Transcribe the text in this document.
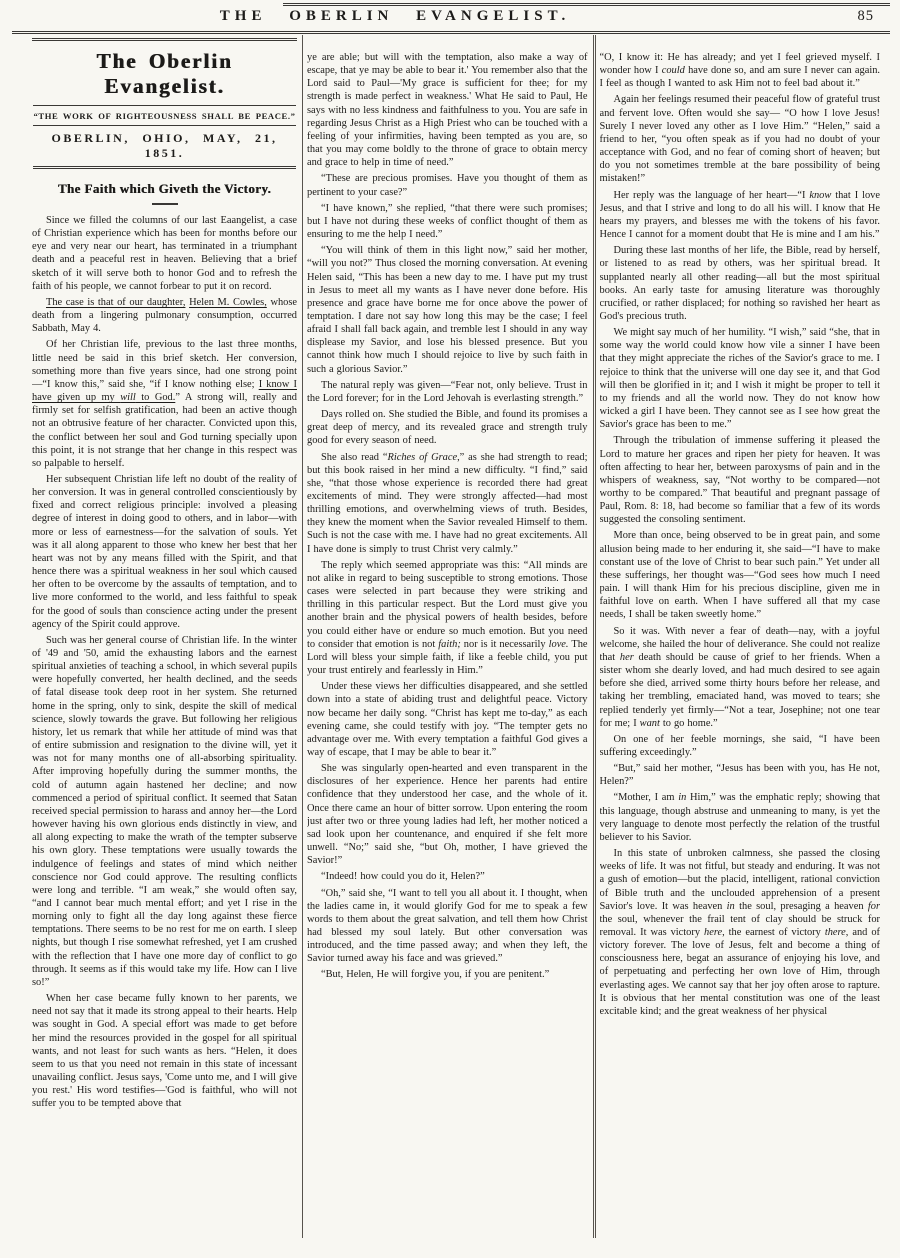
THE OBERLIN EVANGELIST.	85
The Oberlin Evangelist.
“THE WORK OF RIGHTEOUSNESS SHALL BE PEACE.”
OBERLIN, OHIO, MAY, 21, 1851.
The Faith which Giveth the Victory.

Since we filled the columns of our last Eaangelist, a case of Christian experience which has been for months before our eye and very near our heart, has terminated in a triumphant death and a peaceful rest in heaven. Believing that a brief sketch of it will serve both to honor God and to refresh the faith of his people, we cannot forbear to put it on record.

The case is that of our daughter, Helen M. Cowles, whose death from a lingering pulmonary consumption, occurred Sabbath, May 4.

Of her Christian life, previous to the last three months, little need be said in this brief sketch. Her conversion, something more than five years since, had one strong point—“I know this,” said she, “if I know nothing else; I know I have given up my will to God.” A strong will, really and firmly set for selfish gratification, had been an active though not an obtrusive feature of her character. Convicted upon this, the conflict between her soul and God turning specially upon this point, it is not strange that her change in this respect was so palpable to herself.

Her subsequent Christian life left no doubt of the reality of her conversion. It was in general controlled conscientiously by fixed and correct religious principle: involved a pleasing degree of interest in doing good to others, and in labor—with more or less of earnestness—for the salvation of souls. Yet was it all along apparent to those who knew her best that her heart was not by any means filled with the Spirit, and that hence there was a spiritual weakness in her soul which caused her often to be overcome by the assaults of temptation, and to live more conformed to the world, and less faithful to speak for the good of souls than conscience acting under the present agency of the Spirit could approve.

Such was her general course of Christian life. In the winter of '49 and '50, amid the exhausting labors and the earnest spiritual anxieties of teaching a school, in which several pupils were hopefully converted, her health declined, and the seeds of fatal disease took deep root in her system. She returned home in the spring, only to sink, despite the skill of medical science, slowly towards the grave. But following her religious history, let us remark that while her attitude of mind was that of entire submission and resignation to the divine will, yet it was not for many months one of all-absorbing spirituality. After improving hopefully during the summer months, the cold of autumn again hastened her decline; and now commenced a period of spiritual conflict. It seemed that Satan received special permission to harass and annoy her—the Lord however having his own glorious ends distinctly in view, and all along expecting to make the wrath of the tempter subserve his own glory. These temptations were usually towards the indulgence of feelings and states of mind which neither conscience nor God could approve. The resulting conflicts were long and terrible. “I am weak,” she would often say, “and I cannot bear much mental effort; and yet I rise in the morning only to fight all the day long against these fierce temptations. There seems to be no rest for me on earth. I sleep nights, but though I rise somewhat refreshed, yet I am crushed with the reflection that I have one more day of conflict to go through. It seems as if this would take my life. How can I live so!”

When her case became fully known to her parents, we need not say that it made its strong appeal to their hearts. Help was sought in God. A special effort was made to get before her mind the resources provided in the gospel for all spiritual wants, and not least for such wants as hers. “Helen, it does seem to us that you need not remain in this state of incessant unavailing conflict. Jesus says, 'Come unto me, and I will give you rest.' His word testifies—'God is faithful, who will not suffer you to be tempted above that

ye are able; but will with the temptation, also make a way of escape, that ye may be able to bear it.' You remember also that the Lord said to Paul—'My grace is sufficient for thee; for my strength is made perfect in weakness.' What He said to Paul, He says with no less kindness and faithfulness to you. You are safe in regarding Jesus Christ as a High Priest who can be touched with a feeling of your infirmities, having been tempted as you are, so that you may come boldly to the throne of grace to obtain mercy and grace to help in time of need.”

“These are precious promises. Have you thought of them as pertinent to your case?”

“I have known,” she replied, “that there were such promises; but I have not during these weeks of conflict thought of them as ensuring to me the help I need.”

“You will think of them in this light now,” said her mother, “will you not?” Thus closed the morning conversation. At evening Helen said, “This has been a new day to me. I have put my trust in Jesus to meet all my wants as I have never done before. His presence and grace have borne me for once above the power of temptation. I dare not say how long this may be the case; I feel afraid I shall fall back again, and tremble lest I should in any way displease my Savior, and lose his blessed presence. But you cannot think how much I should rejoice to live by such faith in such a glorious Savior.”

The natural reply was given—“Fear not, only believe. Trust in the Lord forever; for in the Lord Jehovah is everlasting strength.”

Days rolled on. She studied the Bible, and found its promises a great deep of mercy, and its revealed grace and strength truly good for every season of need.

She also read “Riches of Grace,” as she had strength to read; but this book raised in her mind a new difficulty. “I find,” said she, “that those whose experience is recorded there had great excitements of mind. They were strongly affected—had most thrilling emotions, and overwhelming views of truth. Besides, they knew the moment when the Savior revealed Himself to them. Such is not the case with me. I have had no great excitements. All I have done is simply to trust Christ very calmly.”

The reply which seemed appropriate was this: “All minds are not alike in regard to being susceptible to strong emotions. Those cases were selected in part because they were striking and thrilling in this particular respect. But the Lord must give you another brain and the physical powers of health besides, before you could either have or endure so much emotion. But you need to consider that emotion is not faith; nor is it necessarily love. The Lord will bless your simple faith, if like a feeble child, you put your trust entirely and fearlessly in Him.”

Under these views her difficulties disappeared, and she settled down into a state of abiding trust and delightful peace. Victory now became her daily song. “Christ has kept me to-day,” as each evening came, she could testify with joy. “The tempter gets no advantage over me. With every temptation a faithful God gives a way of escape, that I may be able to bear it.”

She was singularly open-hearted and even transparent in the disclosures of her experience. Hence her parents had entire confidence that they understood her case, and the whole of it. Once there came an hour of bitter sorrow. Upon entering the room just after two or three young ladies had left, her mother noticed a sad look upon her countenance, and enquired if she felt more unwell. “No;” said she, “but Oh, mother, I have grieved the Savior!”

“Indeed! how could you do it, Helen?”

“Oh,” said she, “I want to tell you all about it. I thought, when the ladies came in, it would glorify God for me to speak a few words to them about the great salvation, and tell them how Christ had blessed my soul lately. But other conversation was introduced, and the time passed away; and when they left, the Savior turned away his face and was grieved.”

“But, Helen, He will forgive you, if you are penitent.”

“O, I know it: He has already; and yet I feel grieved myself. I wonder how I could have done so, and am sure I never can again. I feel as though I wanted to ask Him not to feel bad about it.”

Again her feelings resumed their peaceful flow of grateful trust and fervent love. Often would she say— “O how I love Jesus! Surely I never loved any other as I love Him.” “Helen,” said a friend to her, “you often speak as if you had no doubt of your acceptance with God, and no fear of coming short of heaven; but do you not sometimes tremble at the bare possibility of being mistaken!”

Her reply was the language of her heart—“I know that I love Jesus, and that I strive and long to do all his will. I know that He hears my prayers, and blesses me with the tokens of his favor. Hence I cannot for a moment doubt that He is mine and I am his.”

During these last months of her life, the Bible, read by herself, or listened to as read by others, was her spiritual bread. It supplanted nearly all other reading—all but the most spiritual books. An early taste for amusing literature was thoroughly crucified, or rather displaced; for nothing so ravished her heart as God's precious truth.

We might say much of her humility. “I wish,” said “she, that in some way the world could know how vile a sinner I have been that they might appreciate the riches of the Savior's grace to me. I rejoice to think that the universe will one day see it, and that God will then be glorified in it; and I wish it might be proper to tell it to my friends and all the world now. They do not know how wicked a girl I have been. They cannot see as I see how great the Savior's grace has been to me.”

Through the tribulation of immense suffering it pleased the Lord to mature her graces and ripen her piety for heaven. It was often affecting to hear her, between paroxysms of pain and in the whispers of weakness, say, “Not worthy to be compared—not worthy to be compared.” That beautiful and pregnant passage of Paul, Rom. 8: 18, had become so familiar that a few of its words suggested the consoling sentiment.

More than once, being observed to be in great pain, and some allusion being made to her enduring it, she said—“I have to make constant use of the love of Christ to bear such pain.” Yet under all these sufferings, her thought was—“God sees how much I need pain. I will thank Him for his precious discipline, given me in faithful love on earth. When I have suffered all that my case needs, I shall be taken sweetly home.”

So it was. With never a fear of death—nay, with a joyful welcome, she hailed the hour of deliverance. She could not realize that her death should be cause of grief to her friends. When a sister whom she dearly loved, and had much desired to see again before she died, arrived some thirty hours before her release, and taking her trembling, emaciated hand, was moved to tears; she replied tenderly yet firmly—“Not a tear, Josephine; not one tear for me; I want to go home.”

On one of her feeble mornings, she said, “I have been suffering exceedingly.”

“But,” said her mother, “Jesus has been with you, has He not, Helen?”

“Mother, I am in Him,” was the emphatic reply; showing that this language, though abstruse and unmeaning to many, is yet the very language to denote most perfectly the relation of the trustful believer to his Savior.

In this state of unbroken calmness, she passed the closing weeks of life. It was not fitful, but steady and enduring. It was not a gush of emotion—but the placid, intelligent, rational conviction of Bible truth and the unclouded apprehension of a present Savior's love. It was heaven in the soul, presaging a heaven for the soul, whenever the frail tent of clay should be struck for removal. It was victory here, the earnest of victory there, and of victory forever. The love of Jesus, felt and become a thing of consciousness here, begat an assurance of enjoying his love, and of perpetuating and perfecting her own love of Him, through everlasting ages. We cannot say that her joy often arose to rapture. It is obvious that her mental constitution was one of the least excitable kind; and the great weakness of her physical
